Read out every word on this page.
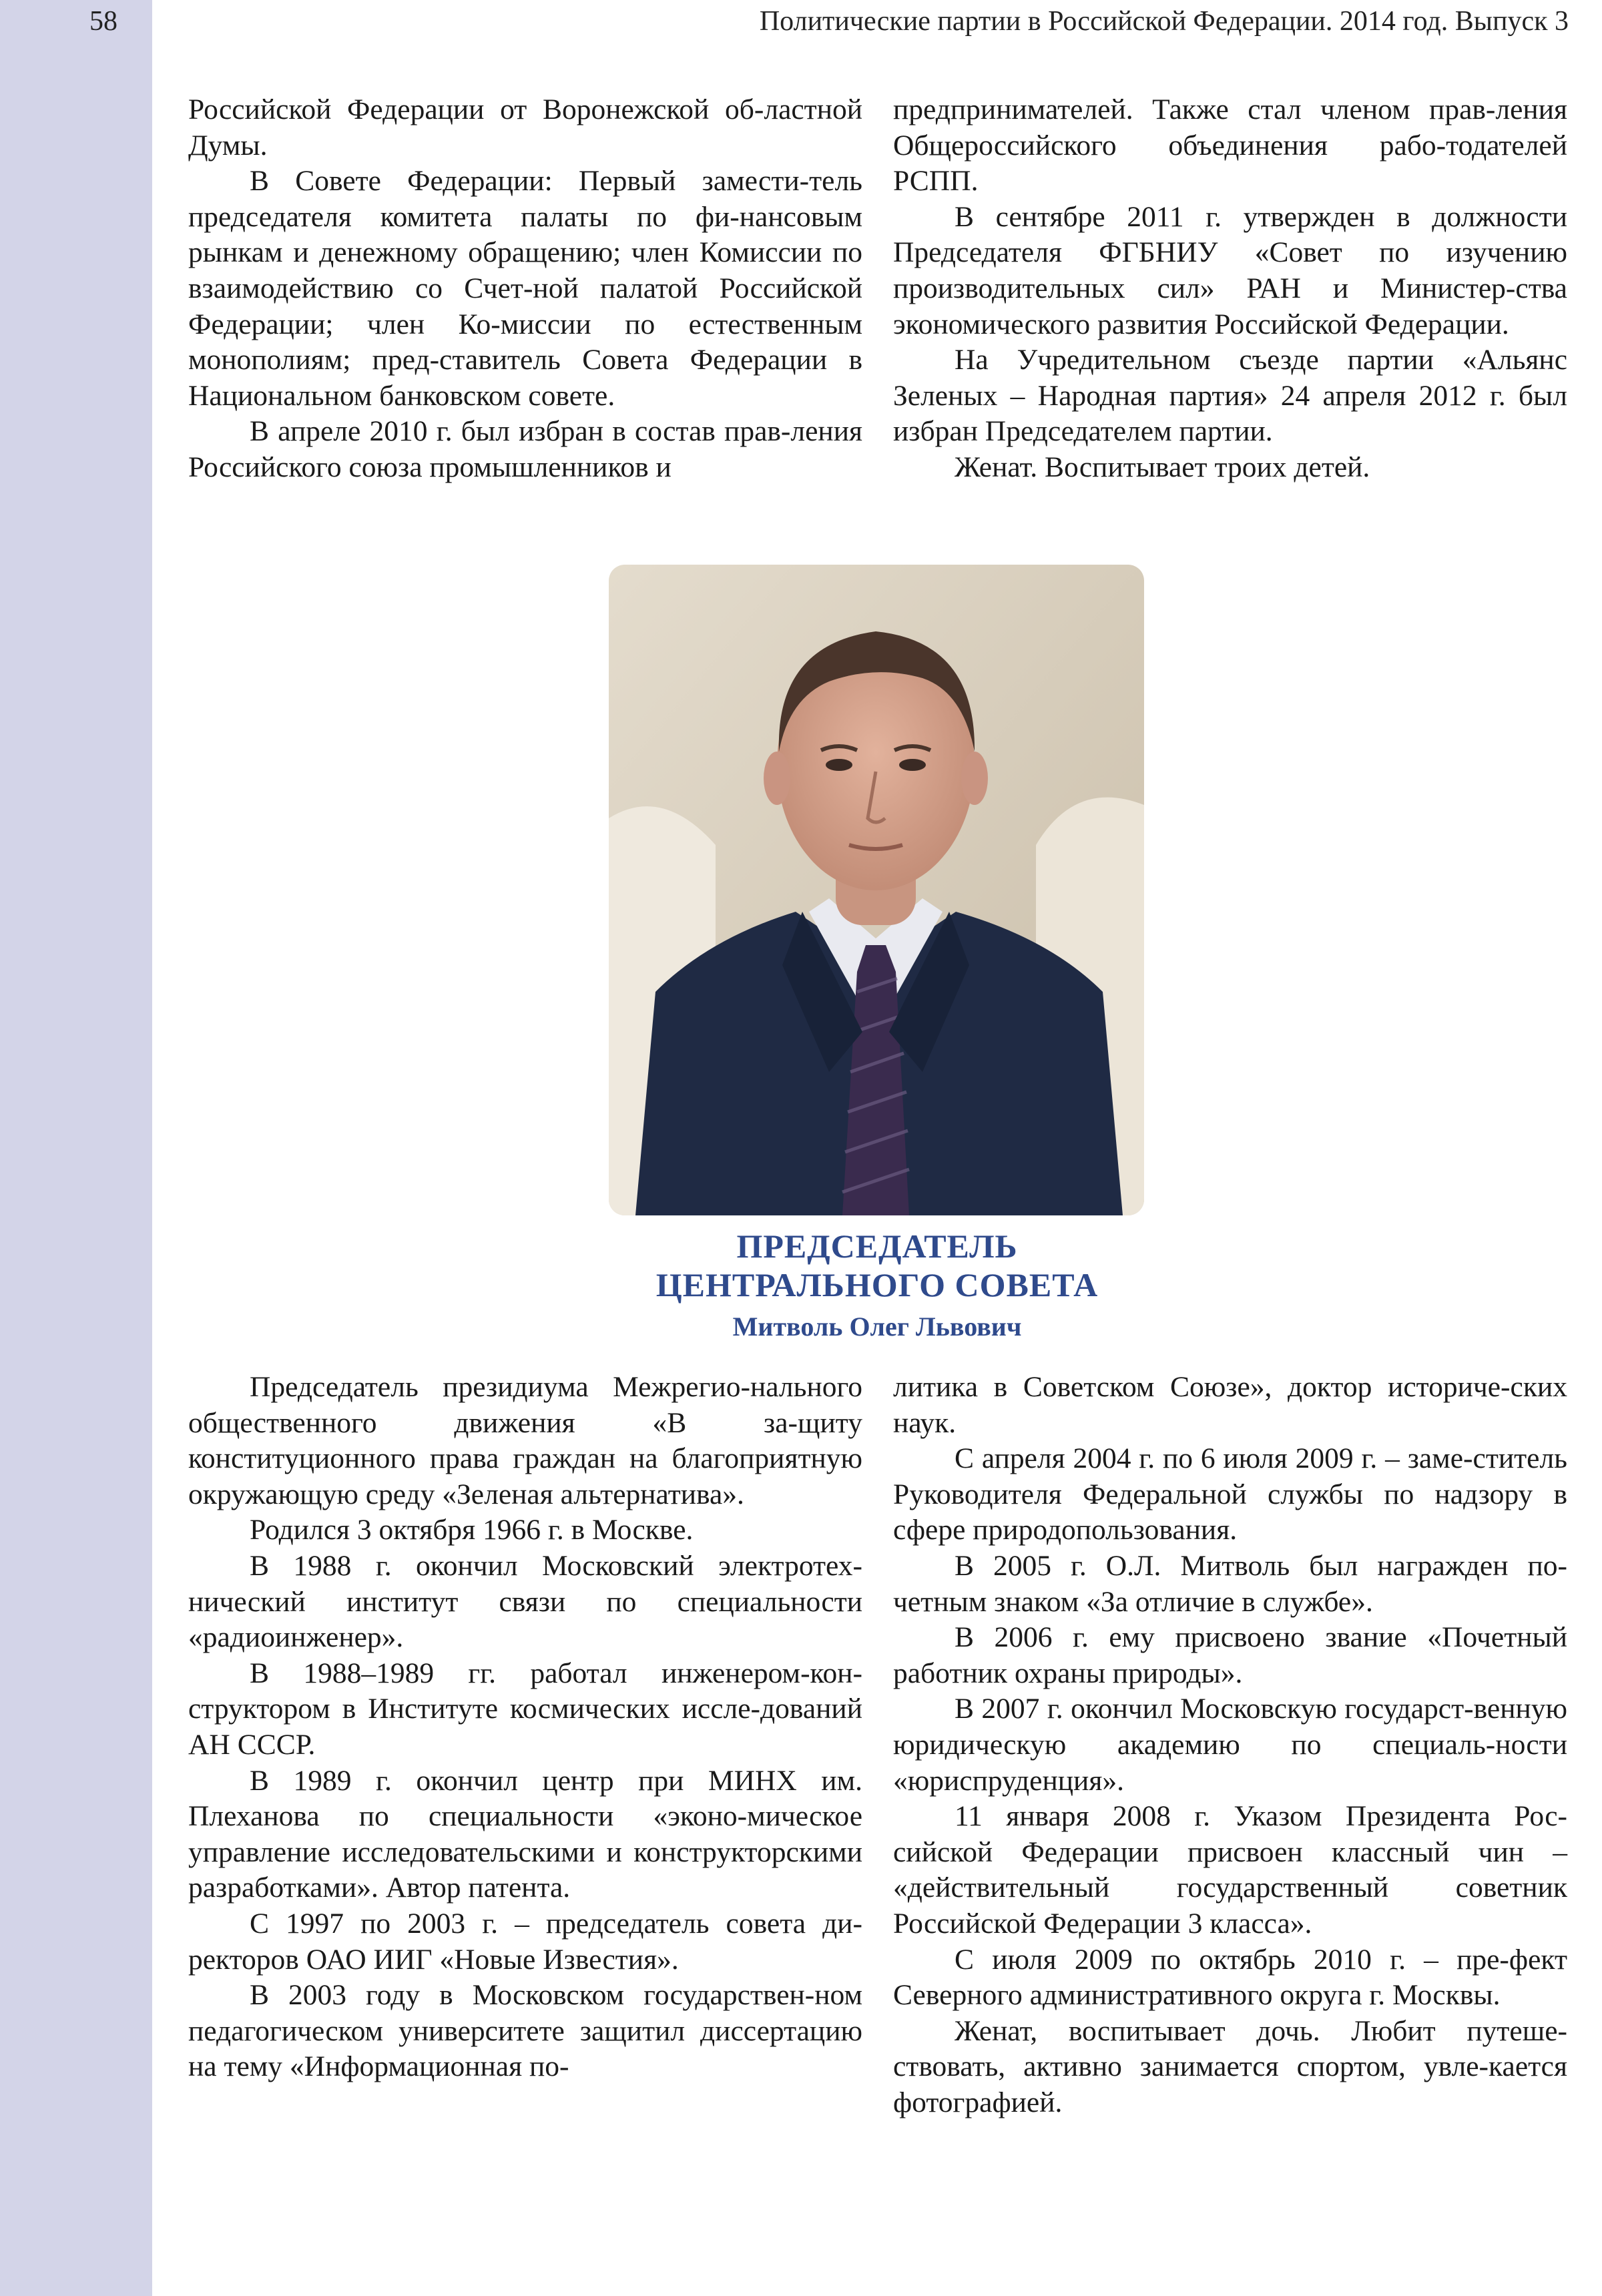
58	Политические партии в Российской Федерации. 2014 год. Выпуск 3

Российской Федерации от Воронежской об-ластной Думы.

В Совете Федерации: Первый замести-тель председателя комитета палаты по фи-нансовым рынкам и денежному обращению; член Комиссии по взаимодействию со Счет-ной палатой Российской Федерации; член Ко-миссии по естественным монополиям; пред-ставитель Совета Федерации в Национальном банковском совете.

В апреле 2010 г. был избран в состав прав-ления Российского союза промышленников и

предпринимателей. Также стал членом прав-ления Общероссийского объединения рабо-тодателей РСПП.

В сентябре 2011 г. утвержден в должности Председателя ФГБНИУ «Совет по изучению производительных сил» РАН и Министер-ства экономического развития Российской Федерации.

На Учредительном съезде партии «Альянс Зеленых – Народная партия» 24 апреля 2012 г. был избран Председателем партии.

Женат. Воспитывает троих детей.

ПРЕДСЕДАТЕЛЬ
ЦЕНТРАЛЬНОГО СОВЕТА
Митволь Олег Львович

Председатель президиума Межрегио-нального общественного движения «В за-щиту конституционного права граждан на благоприятную окружающую среду «Зеленая альтернатива».

Родился 3 октября 1966 г. в Москве.

В 1988 г. окончил Московский электротех-нический институт связи по специальности «радиоинженер».

В 1988–1989 гг. работал инженером-кон-структором в Институте космических иссле-дований АН СССР.

В 1989 г. окончил центр при МИНХ им. Плеханова по специальности «эконо-мическое управление исследовательскими и конструкторскими разработками». Автор патента.

С 1997 по 2003 г. – председатель совета ди-ректоров ОАО ИИГ «Новые Известия».

В 2003 году в Московском государствен-ном педагогическом университете защитил диссертацию на тему «Информационная по-

литика в Советском Союзе», доктор историче-ских наук.

С апреля 2004 г. по 6 июля 2009 г. – заме-ститель Руководителя Федеральной службы по надзору в сфере природопользования.

В 2005 г. О.Л. Митволь был награжден по-четным знаком «За отличие в службе».

В 2006 г. ему присвоено звание «Почетный работник охраны природы».

В 2007 г. окончил Московскую государст-венную юридическую академию по специаль-ности «юриспруденция».

11 января 2008 г. Указом Президента Рос-сийской Федерации присвоен классный чин – «действительный государственный советник Российской Федерации 3 класса».

С июля 2009 по октябрь 2010 г. – пре-фект Северного административного округа г. Москвы.

Женат, воспитывает дочь. Любит путеше-ствовать, активно занимается спортом, увле-кается фотографией.
